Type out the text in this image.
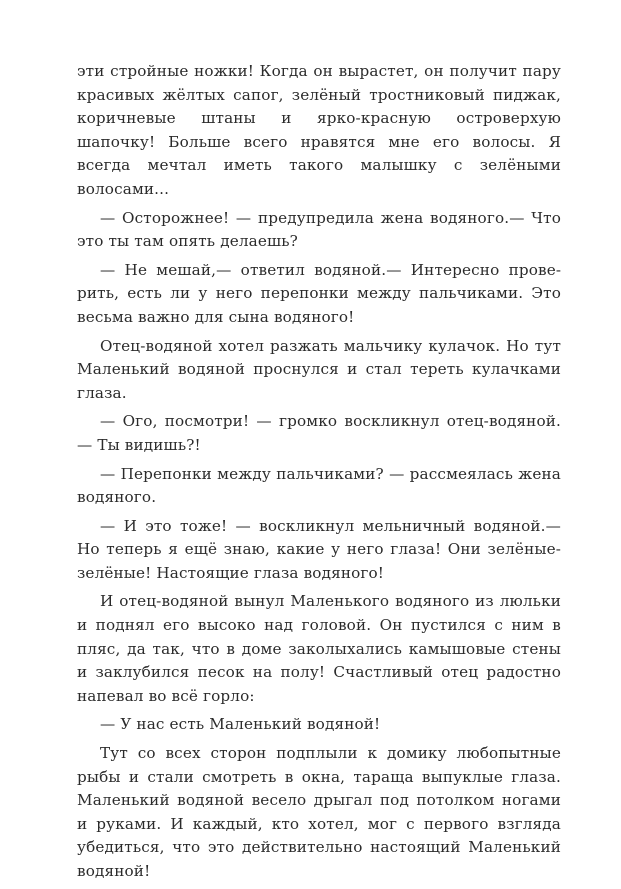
эти стройные ножки! Когда он вырастет, он получит пару красивых жёлтых сапог, зелёный тростниковый пиджак, коричневые штаны и ярко-красную островерхую шапочку! Больше всего нравятся мне его волосы. Я всегда мечтал иметь такого малышку с зелёными волосами...

— Осторожнее! — предупредила жена водяного.— Что это ты там опять делаешь?

— Не мешай,— ответил водяной.— Интересно проверить, есть ли у него перепонки между пальчиками. Это весьма важно для сына водяного!

Отец-водяной хотел разжать мальчику кулачок. Но тут Маленький водяной проснулся и стал тереть кулачками глаза.

— Ого, посмотри! — громко воскликнул отец-водяной.— Ты видишь?!

— Перепонки между пальчиками? — рассмеялась жена водяного.

— И это тоже! — воскликнул мельничный водяной.— Но теперь я ещё знаю, какие у него глаза! Они зелёные-зелёные! Настоящие глаза водяного!

И отец-водяной вынул Маленького водяного из люльки и поднял его высоко над головой. Он пустился с ним в пляс, да так, что в доме заколыхались камышовые стены и заклубился песок на полу! Счастливый отец радостно напевал во всё горло:

— У нас есть Маленький водяной!

Тут со всех сторон подплыли к домику любопытные рыбы и стали смотреть в окна, тараща выпуклые глаза. Маленький водяной весело дрыгал под потолком ногами и руками. И каждый, кто хотел, мог с первого взгляда убедиться, что это действительно настоящий Маленький водяной!
